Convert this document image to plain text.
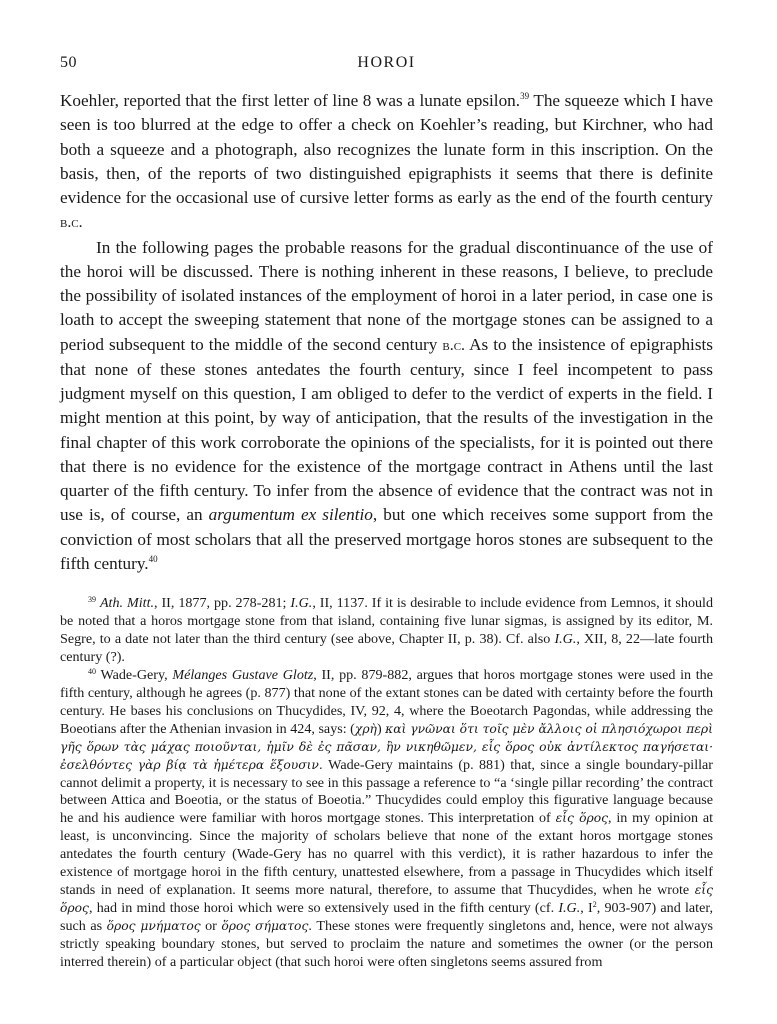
50	HOROI

Koehler, reported that the first letter of line 8 was a lunate epsilon.$^{39}$ The squeeze which I have seen is too blurred at the edge to offer a check on Koehler’s reading, but Kirchner, who had both a squeeze and a photograph, also recognizes the lunate form in this inscription. On the basis, then, of the reports of two distinguished epigraphists it seems that there is definite evidence for the occasional use of cursive letter forms as early as the end of the fourth century b.c.

In the following pages the probable reasons for the gradual discontinuance of the use of the horoi will be discussed. There is nothing inherent in these reasons, I believe, to preclude the possibility of isolated instances of the employment of horoi in a later period, in case one is loath to accept the sweeping statement that none of the mortgage stones can be assigned to a period subsequent to the middle of the second century b.c. As to the insistence of epigraphists that none of these stones antedates the fourth century, since I feel incompetent to pass judgment myself on this question, I am obliged to defer to the verdict of experts in the field. I might mention at this point, by way of anticipation, that the results of the investigation in the final chapter of this work corroborate the opinions of the specialists, for it is pointed out there that there is no evidence for the existence of the mortgage contract in Athens until the last quarter of the fifth century. To infer from the absence of evidence that the contract was not in use is, of course, an argumentum ex silentio, but one which receives some support from the conviction of most scholars that all the preserved mortgage horos stones are subsequent to the fifth century.$^{40}$

$^{39}$ Ath. Mitt., II, 1877, pp. 278-281; I.G., II, 1137. If it is desirable to include evidence from Lemnos, it should be noted that a horos mortgage stone from that island, containing five lunar sigmas, is assigned by its editor, M. Segre, to a date not later than the third century (see above, Chapter II, p. 38). Cf. also I.G., XII, 8, 22—late fourth century (?).

$^{40}$ Wade-Gery, Mélanges Gustave Glotz, II, pp. 879-882, argues that horos mortgage stones were used in the fifth century, although he agrees (p. 877) that none of the extant stones can be dated with certainty before the fourth century. He bases his conclusions on Thucydides, IV, 92, 4, where the Boeotarch Pagondas, while addressing the Boeotians after the Athenian invasion in 424, says: (χρὴ) καὶ γνῶναι ὅτι τοῖς μὲν ἄλλοις οἱ πλησιόχωροι περὶ γῆς ὅρων τὰς μάχας ποιοῦνται, ἡμῖν δὲ ἐς πᾶσαν, ἢν νικηθῶμεν, εἷς ὅρος οὐκ ἀντίλεκτος παγήσεται· ἐσελθόντες γὰρ βίᾳ τὰ ἡμέτερα ἕξουσιν. Wade-Gery maintains (p. 881) that, since a single boundary-pillar cannot delimit a property, it is necessary to see in this passage a reference to “a ‘single pillar recording’ the contract between Attica and Boeotia, or the status of Boeotia.” Thucydides could employ this figurative language because he and his audience were familiar with horos mortgage stones. This interpretation of εἷς ὅρος, in my opinion at least, is unconvincing. Since the majority of scholars believe that none of the extant horos mortgage stones antedates the fourth century (Wade-Gery has no quarrel with this verdict), it is rather hazardous to infer the existence of mortgage horoi in the fifth century, unattested elsewhere, from a passage in Thucydides which itself stands in need of explanation. It seems more natural, therefore, to assume that Thucydides, when he wrote εἷς ὅρος, had in mind those horoi which were so extensively used in the fifth century (cf. I.G., $I^2$, 903-907) and later, such as ὅρος μνήματος or ὅρος σήματος. These stones were frequently singletons and, hence, were not always strictly speaking boundary stones, but served to proclaim the nature and sometimes the owner (or the person interred therein) of a particular object (that such horoi were often singletons seems assured from
